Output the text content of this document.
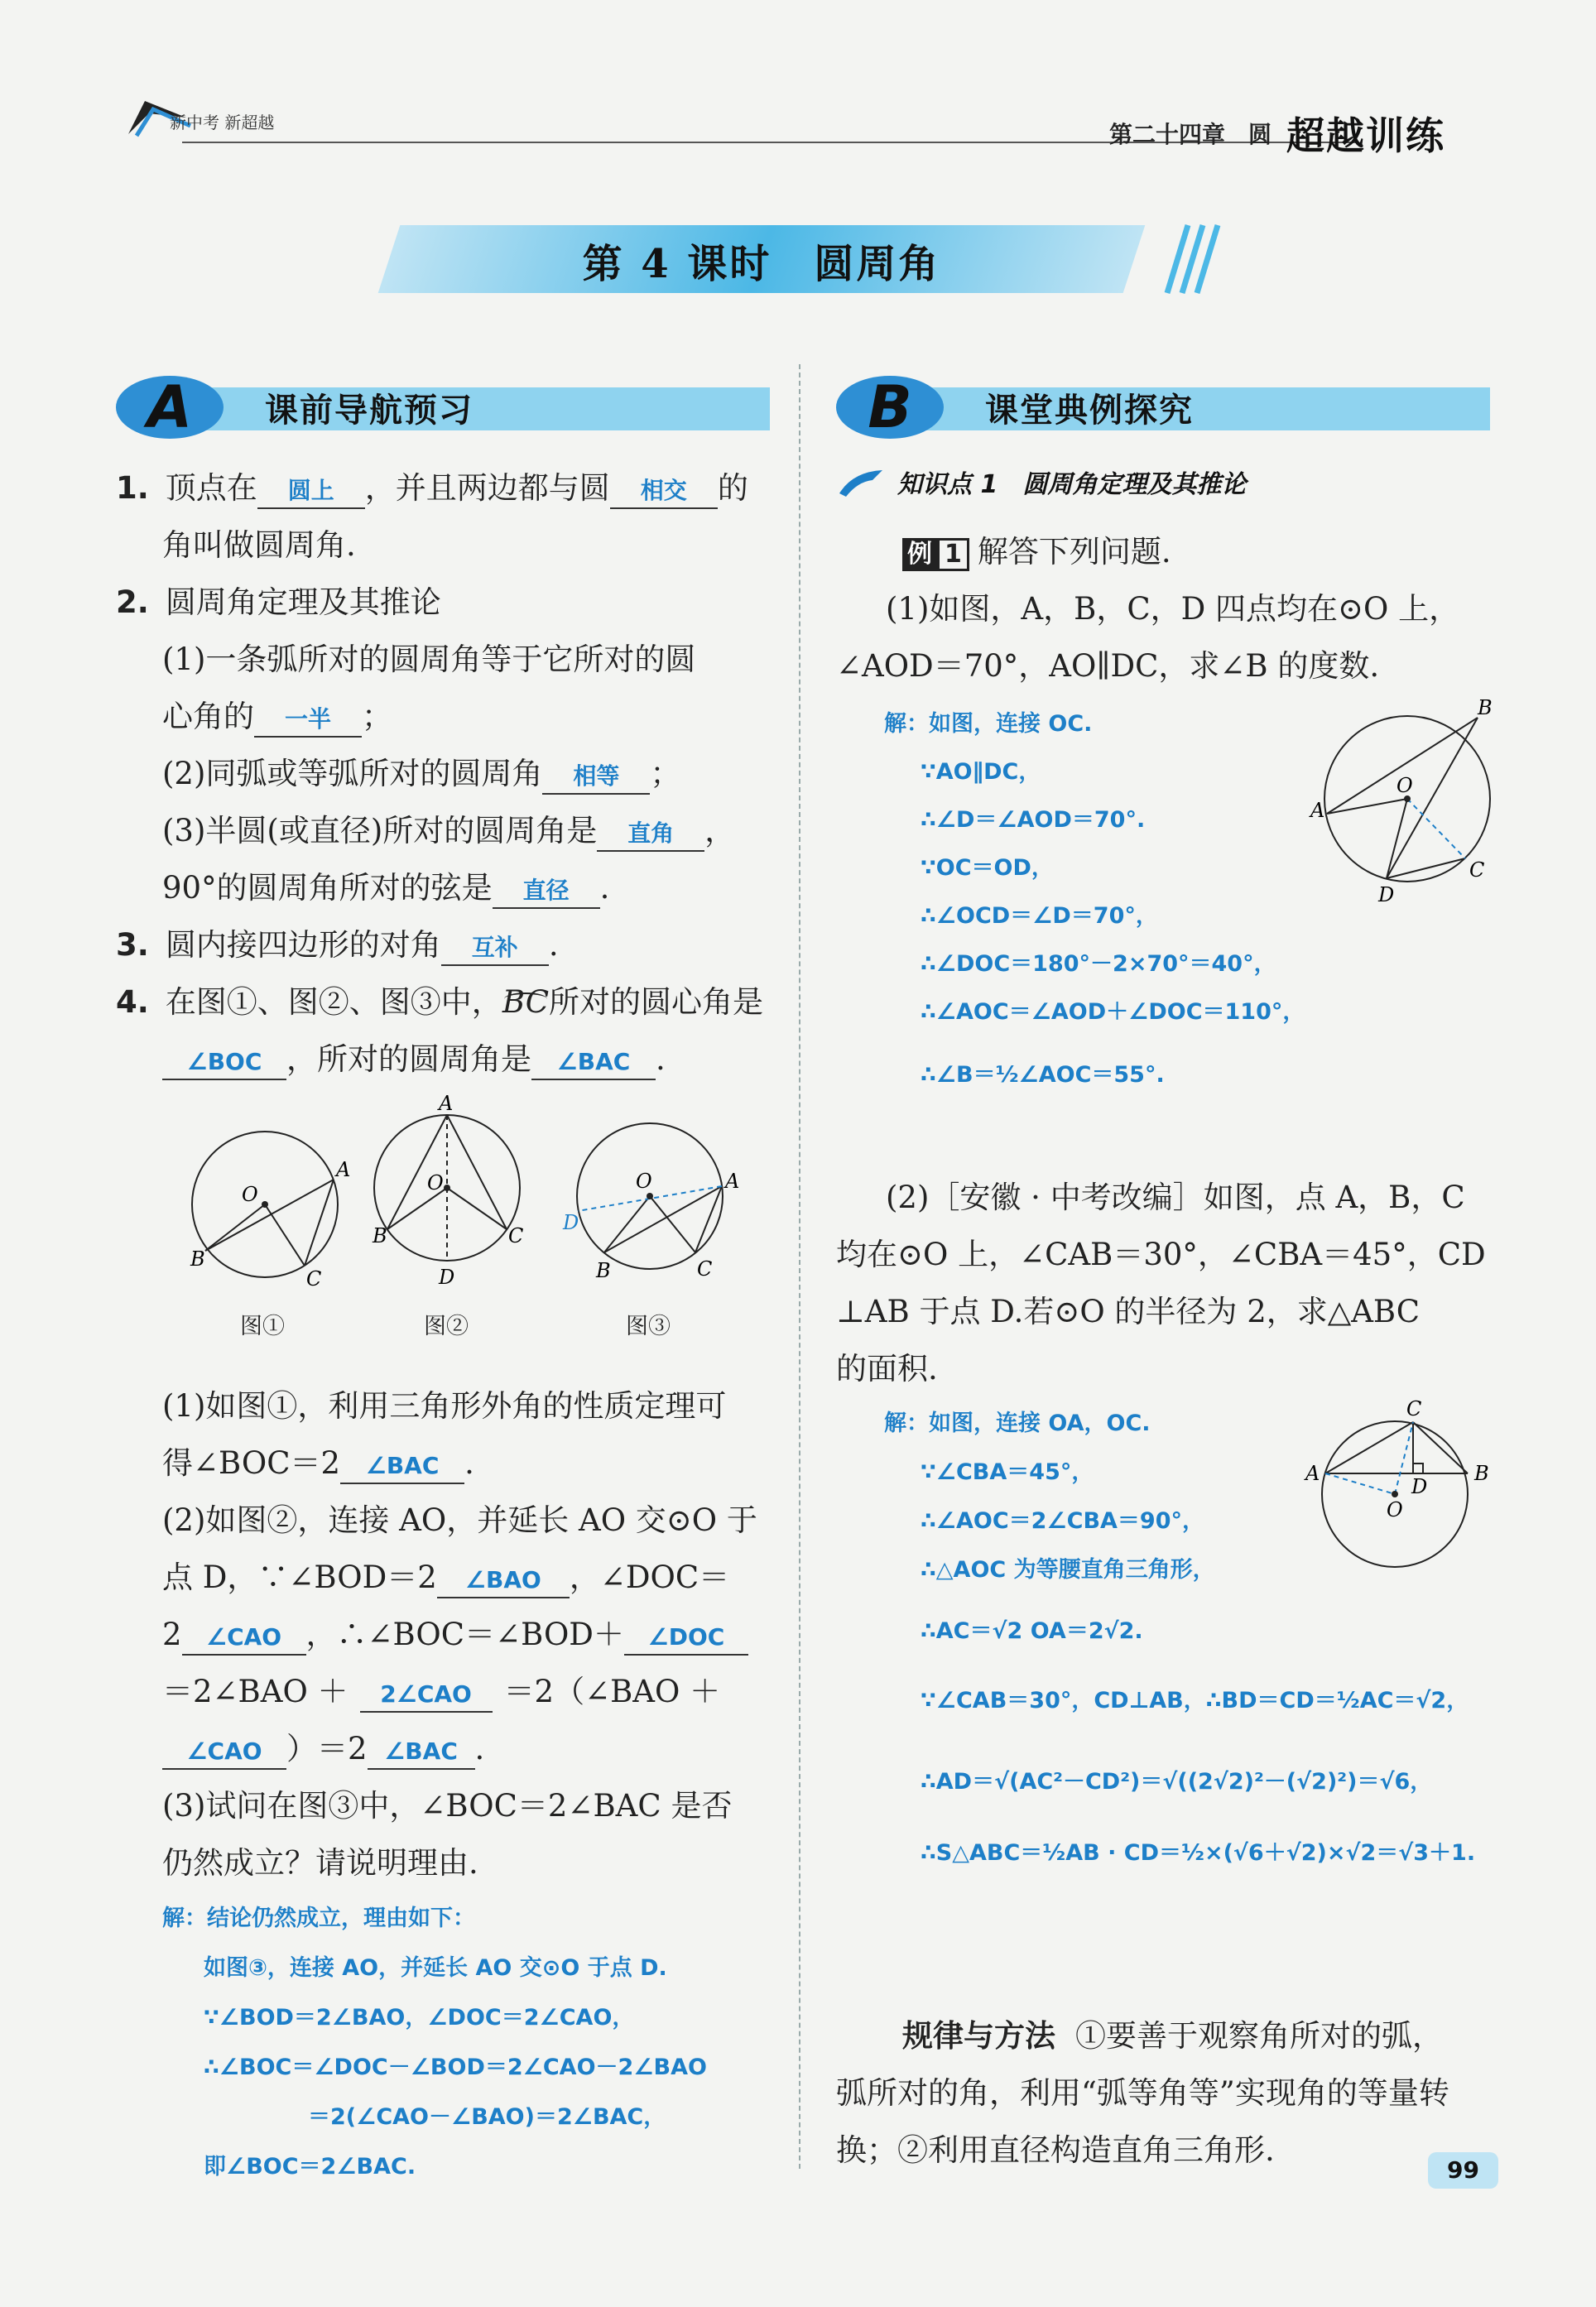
新中考 新超越	第二十四章　圆 超越训练
第 4 课时　圆周角
A	课前导航预习
1. 顶点在 圆上 ，并且两边都与圆 相交 的
角叫做圆周角.
2. 圆周角定理及其推论
(1)一条弧所对的圆周角等于它所对的圆
心角的 一半 ；
(2)同弧或等弧所对的圆周角 相等 ；
(3)半圆(或直径)所对的圆周角是 直角 ，
90°的圆周角所对的弦是 直径 .
3. 圆内接四边形的对角 互补 .
4. 在图①、图②、图③中，
BC所对的圆心角是
∠BOC ，所对的圆周角是 ∠BAC .
O
A
B
C
A
O
B	C
D
O	A
D
B	C
图①	图②	图③
(1)如图①，利用三角形外角的性质定理可
得∠BOC＝2 ∠BAC .
(2)如图②，连接 AO，并延长 AO 交⊙O 于
点 D，∵∠BOD＝2 ∠BAO ，∠DOC＝
2 ∠CAO ，∴∠BOC＝∠BOD＋ ∠DOC
＝2∠BAO ＋ 2∠CAO ＝2（∠BAO ＋
∠CAO ）＝2 ∠BAC .
(3)试问在图③中，∠BOC＝2∠BAC 是否
仍然成立？请说明理由.
解：结论仍然成立，理由如下：
如图③，连接 AO，并延长 AO 交⊙O 于点 D.
∵∠BOD＝2∠BAO，∠DOC＝2∠CAO，
∴∠BOC＝∠DOC－∠BOD＝2∠CAO－2∠BAO
＝2(∠CAO－∠BAO)＝2∠BAC，
即∠BOC＝2∠BAC.
B	课堂典例探究
知识点 1　圆周角定理及其推论
例 1 解答下列问题.
(1)如图，A，B，C，D 四点均在⊙O 上，
∠AOD＝70°，AO∥DC，求∠B 的度数.
解：如图，连接 OC.
∵AO∥DC，
∴∠D＝∠AOD＝70°.
∵OC＝OD，
∴∠OCD＝∠D＝70°，
∴∠DOC＝180°－2×70°＝40°，
∴∠AOC＝∠AOD＋∠DOC＝110°，
∴∠B＝½∠AOC＝55°.
O
A
B
C
D
(2)［安徽 · 中考改编］如图，点 A，B，C
均在⊙O 上，∠CAB＝30°，∠CBA＝45°，CD
⊥AB 于点 D.若⊙O 的半径为 2，求△ABC
的面积.
解：如图，连接 OA，OC.
∵∠CBA＝45°，
∴∠AOC＝2∠CBA＝90°，
∴△AOC 为等腰直角三角形，
∴AC＝√2 OA＝2√2.
∵∠CAB＝30°，CD⊥AB，∴BD＝CD＝½AC＝√2，
∴AD＝√(AC²－CD²)＝√((2√2)²－(√2)²)＝√6，
∴S△ABC＝½AB · CD＝½×(√6＋√2)×√2＝√3＋1.
C
A	B
D
O
规律与方法 ①要善于观察角所对的弧，
弧所对的角，利用“弧等角等”实现角的等量转
换；②利用直径构造直角三角形.
99
